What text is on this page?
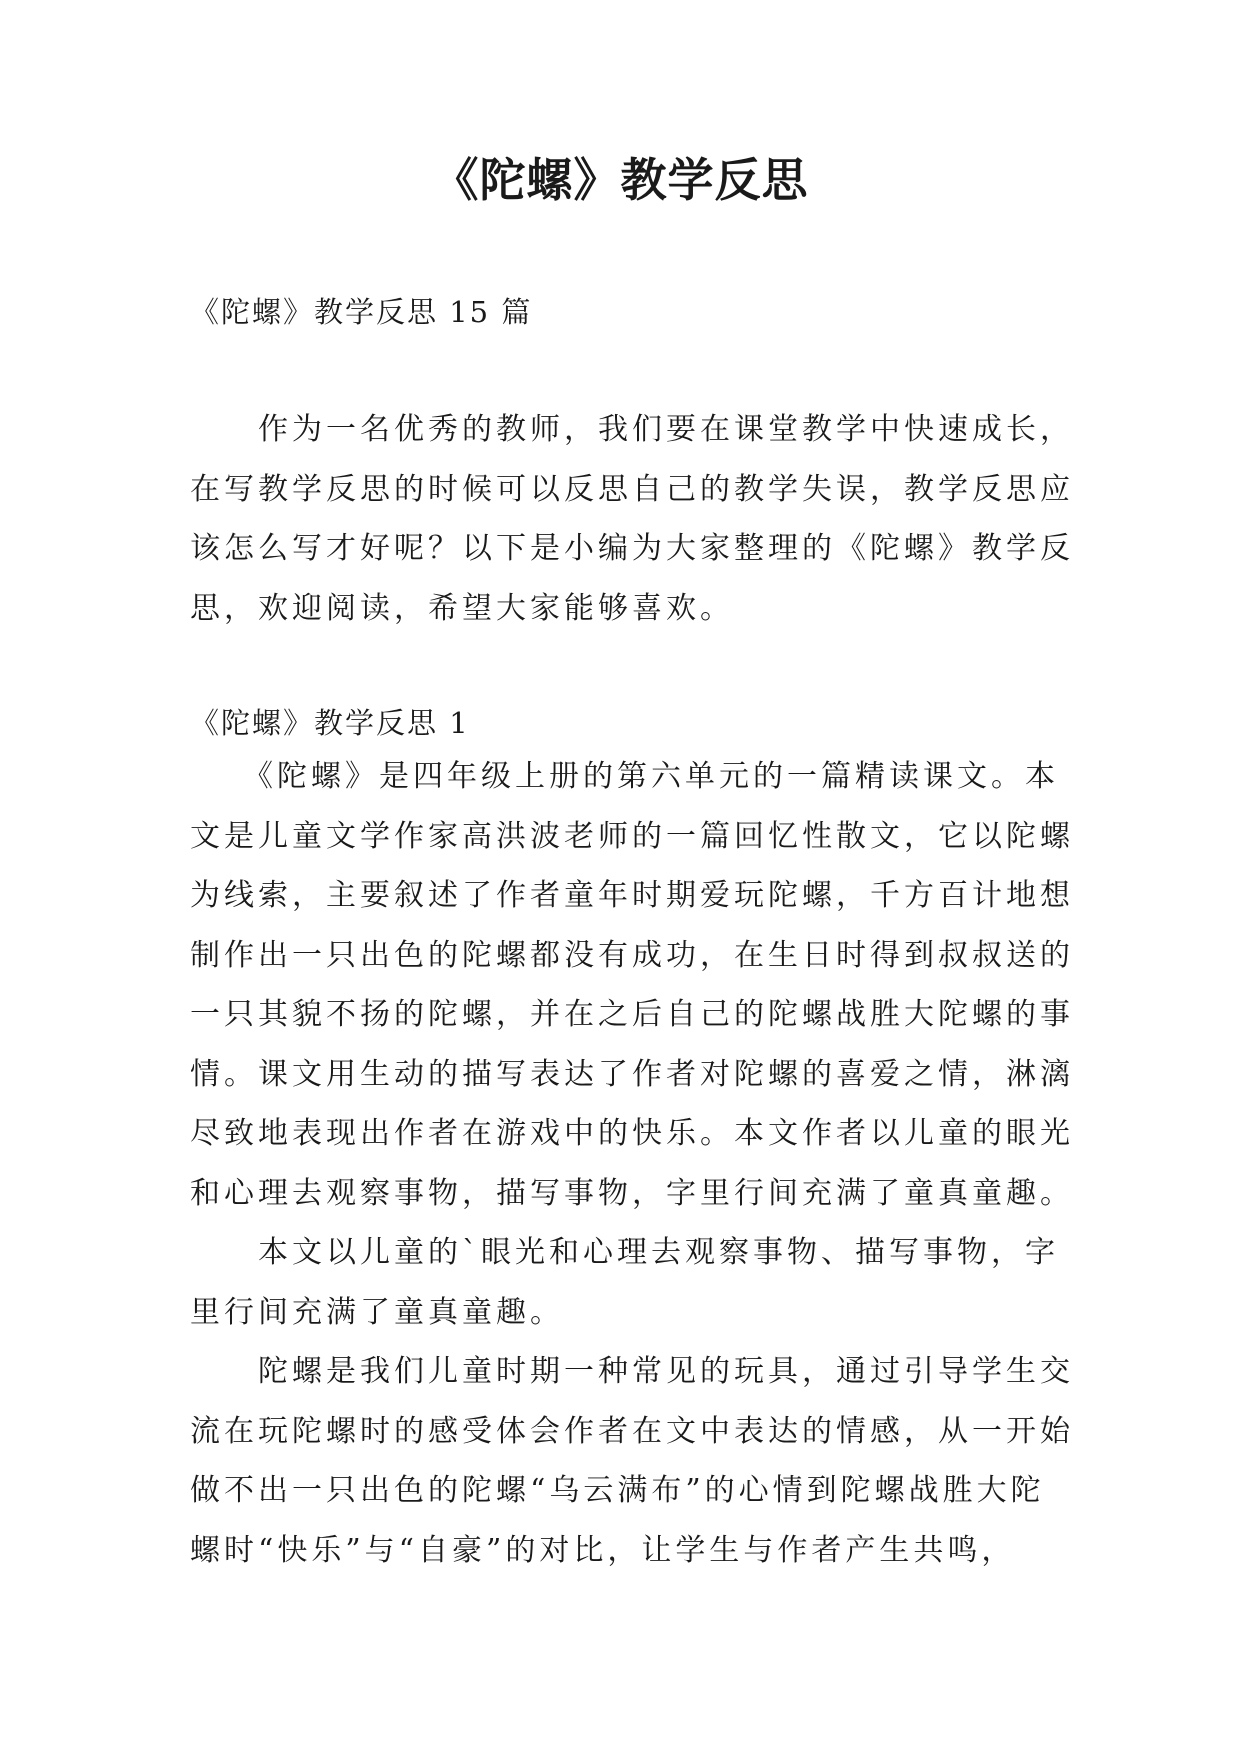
《陀螺》教学反思

《陀螺》教学反思 15 篇

　　作为一名优秀的教师，我们要在课堂教学中快速成长，
在写教学反思的时候可以反思自己的教学失误，教学反思应
该怎么写才好呢？以下是小编为大家整理的《陀螺》教学反
思，欢迎阅读，希望大家能够喜欢。

《陀螺》教学反思 1

　　《陀螺》是四年级上册的第六单元的一篇精读课文。本
文是儿童文学作家高洪波老师的一篇回忆性散文，它以陀螺
为线索，主要叙述了作者童年时期爱玩陀螺，千方百计地想
制作出一只出色的陀螺都没有成功，在生日时得到叔叔送的
一只其貌不扬的陀螺，并在之后自己的陀螺战胜大陀螺的事
情。课文用生动的描写表达了作者对陀螺的喜爱之情，淋漓
尽致地表现出作者在游戏中的快乐。本文作者以儿童的眼光
和心理去观察事物，描写事物，字里行间充满了童真童趣。
　　本文以儿童的`眼光和心理去观察事物、描写事物，字
里行间充满了童真童趣。
　　陀螺是我们儿童时期一种常见的玩具，通过引导学生交
流在玩陀螺时的感受体会作者在文中表达的情感，从一开始
做不出一只出色的陀螺“乌云满布”的心情到陀螺战胜大陀
螺时“快乐”与“自豪”的对比，让学生与作者产生共鸣，
